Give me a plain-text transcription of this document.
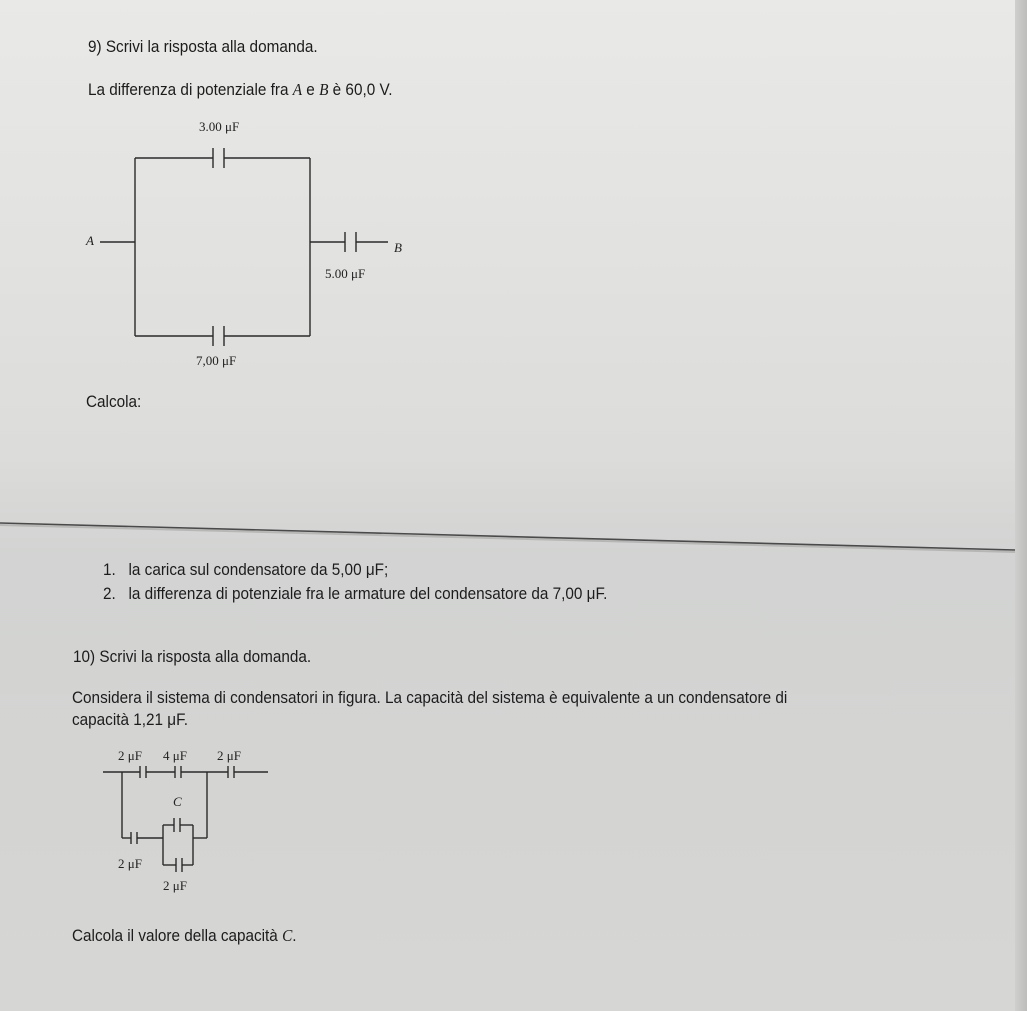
9) Scrivi la risposta alla domanda.
La differenza di potenziale fra A e B è 60,0 V.
3.00 μF
5.00 μF
7,00 μF
A	B
Calcola:
1. la carica sul condensatore da 5,00 μF;
2. la differenza di potenziale fra le armature del condensatore da 7,00 μF.
10) Scrivi la risposta alla domanda.
Considera il sistema di condensatori in figura. La capacità del sistema è equivalente a un condensatore di
capacità 1,21 μF.
2 μF 4 μF 2 μF
C
2 μF
2 μF
Calcola il valore della capacità C.
